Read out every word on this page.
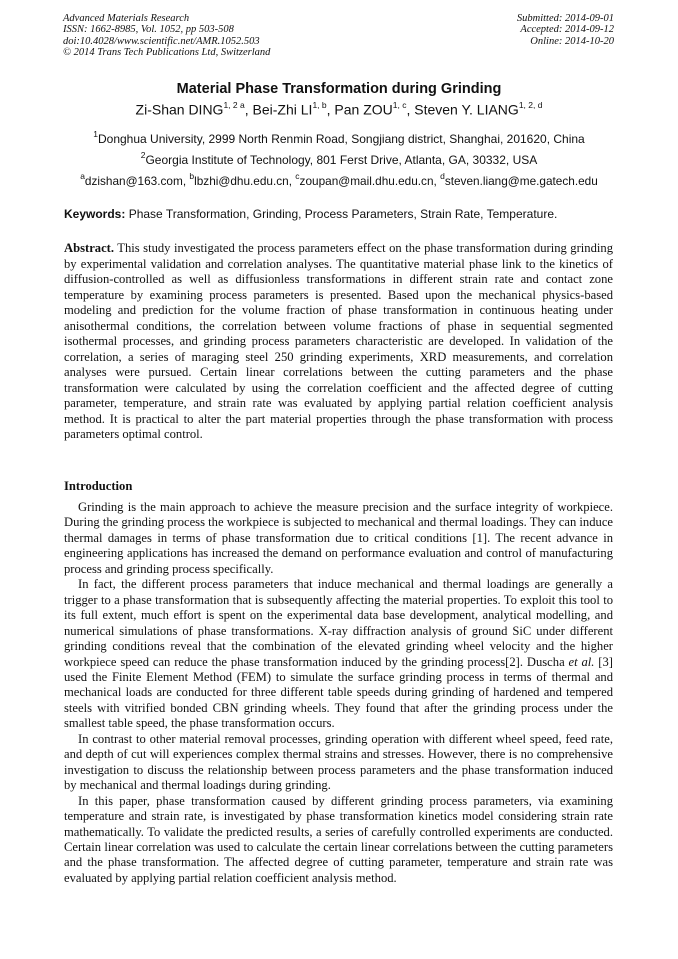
Advanced Materials Research
ISSN: 1662-8985, Vol. 1052, pp 503-508
doi:10.4028/www.scientific.net/AMR.1052.503
© 2014 Trans Tech Publications Ltd, Switzerland
Submitted: 2014-09-01
Accepted: 2014-09-12
Online: 2014-10-20
Material Phase Transformation during Grinding
Zi-Shan $DING^{1, 2 a}$, Bei-Zhi LI$^{1, b}$, Pan ZOU$^{1, c}$, Steven Y. LIANG$^{1, 2, d}$
$^1$Donghua University, 2999 North Renmin Road, Songjiang district, Shanghai, 201620, China
$^2$Georgia Institute of Technology, 801 Ferst Drive, Atlanta, GA, 30332, USA
$^a$dzishan@163.com, $^b$lbzhi@dhu.edu.cn, $^c$zoupan@mail.dhu.edu.cn, $^d$steven.liang@me.gatech.edu
Keywords: Phase Transformation, Grinding, Process Parameters, Strain Rate, Temperature.
Abstract. This study investigated the process parameters effect on the phase transformation during grinding by experimental validation and correlation analyses. The quantitative material phase link to the kinetics of diffusion-controlled as well as diffusionless transformations in different strain rate and contact zone temperature by examining process parameters is presented. Based upon the mechanical physics-based modeling and prediction for the volume fraction of phase transformation in continuous heating under anisothermal conditions, the correlation between volume fractions of phase in sequential segmented isothermal processes, and grinding process parameters characteristic are developed. In validation of the correlation, a series of maraging steel 250 grinding experiments, XRD measurements, and correlation analyses were pursued. Certain linear correlations between the cutting parameters and the phase transformation were calculated by using the correlation coefficient and the affected degree of cutting parameter, temperature, and strain rate was evaluated by applying partial relation coefficient analysis method. It is practical to alter the part material properties through the phase transformation with process parameters optimal control.
Introduction

Grinding is the main approach to achieve the measure precision and the surface integrity of workpiece. During the grinding process the workpiece is subjected to mechanical and thermal loadings. They can induce thermal damages in terms of phase transformation due to critical conditions [1]. The recent advance in engineering applications has increased the demand on performance evaluation and control of manufacturing process and grinding process specifically.

In fact, the different process parameters that induce mechanical and thermal loadings are generally a trigger to a phase transformation that is subsequently affecting the material properties. To exploit this tool to its full extent, much effort is spent on the experimental data base development, analytical modelling, and numerical simulations of phase transformations. X-ray diffraction analysis of ground SiC under different grinding conditions reveal that the combination of the elevated grinding wheel velocity and the higher workpiece speed can reduce the phase transformation induced by the grinding process[2]. Duscha et al. [3] used the Finite Element Method (FEM) to simulate the surface grinding process in terms of thermal and mechanical loads are conducted for three different table speeds during grinding of hardened and tempered steels with vitrified bonded CBN grinding wheels. They found that after the grinding process under the smallest table speed, the phase transformation occurs.

In contrast to other material removal processes, grinding operation with different wheel speed, feed rate, and depth of cut will experiences complex thermal strains and stresses. However, there is no comprehensive investigation to discuss the relationship between process parameters and the phase transformation induced by mechanical and thermal loadings during grinding.

In this paper, phase transformation caused by different grinding process parameters, via examining temperature and strain rate, is investigated by phase transformation kinetics model considering strain rate mathematically. To validate the predicted results, a series of carefully controlled experiments are conducted. Certain linear correlation was used to calculate the certain linear correlations between the cutting parameters and the phase transformation. The affected degree of cutting parameter, temperature and strain rate was evaluated by applying partial relation coefficient analysis method.
